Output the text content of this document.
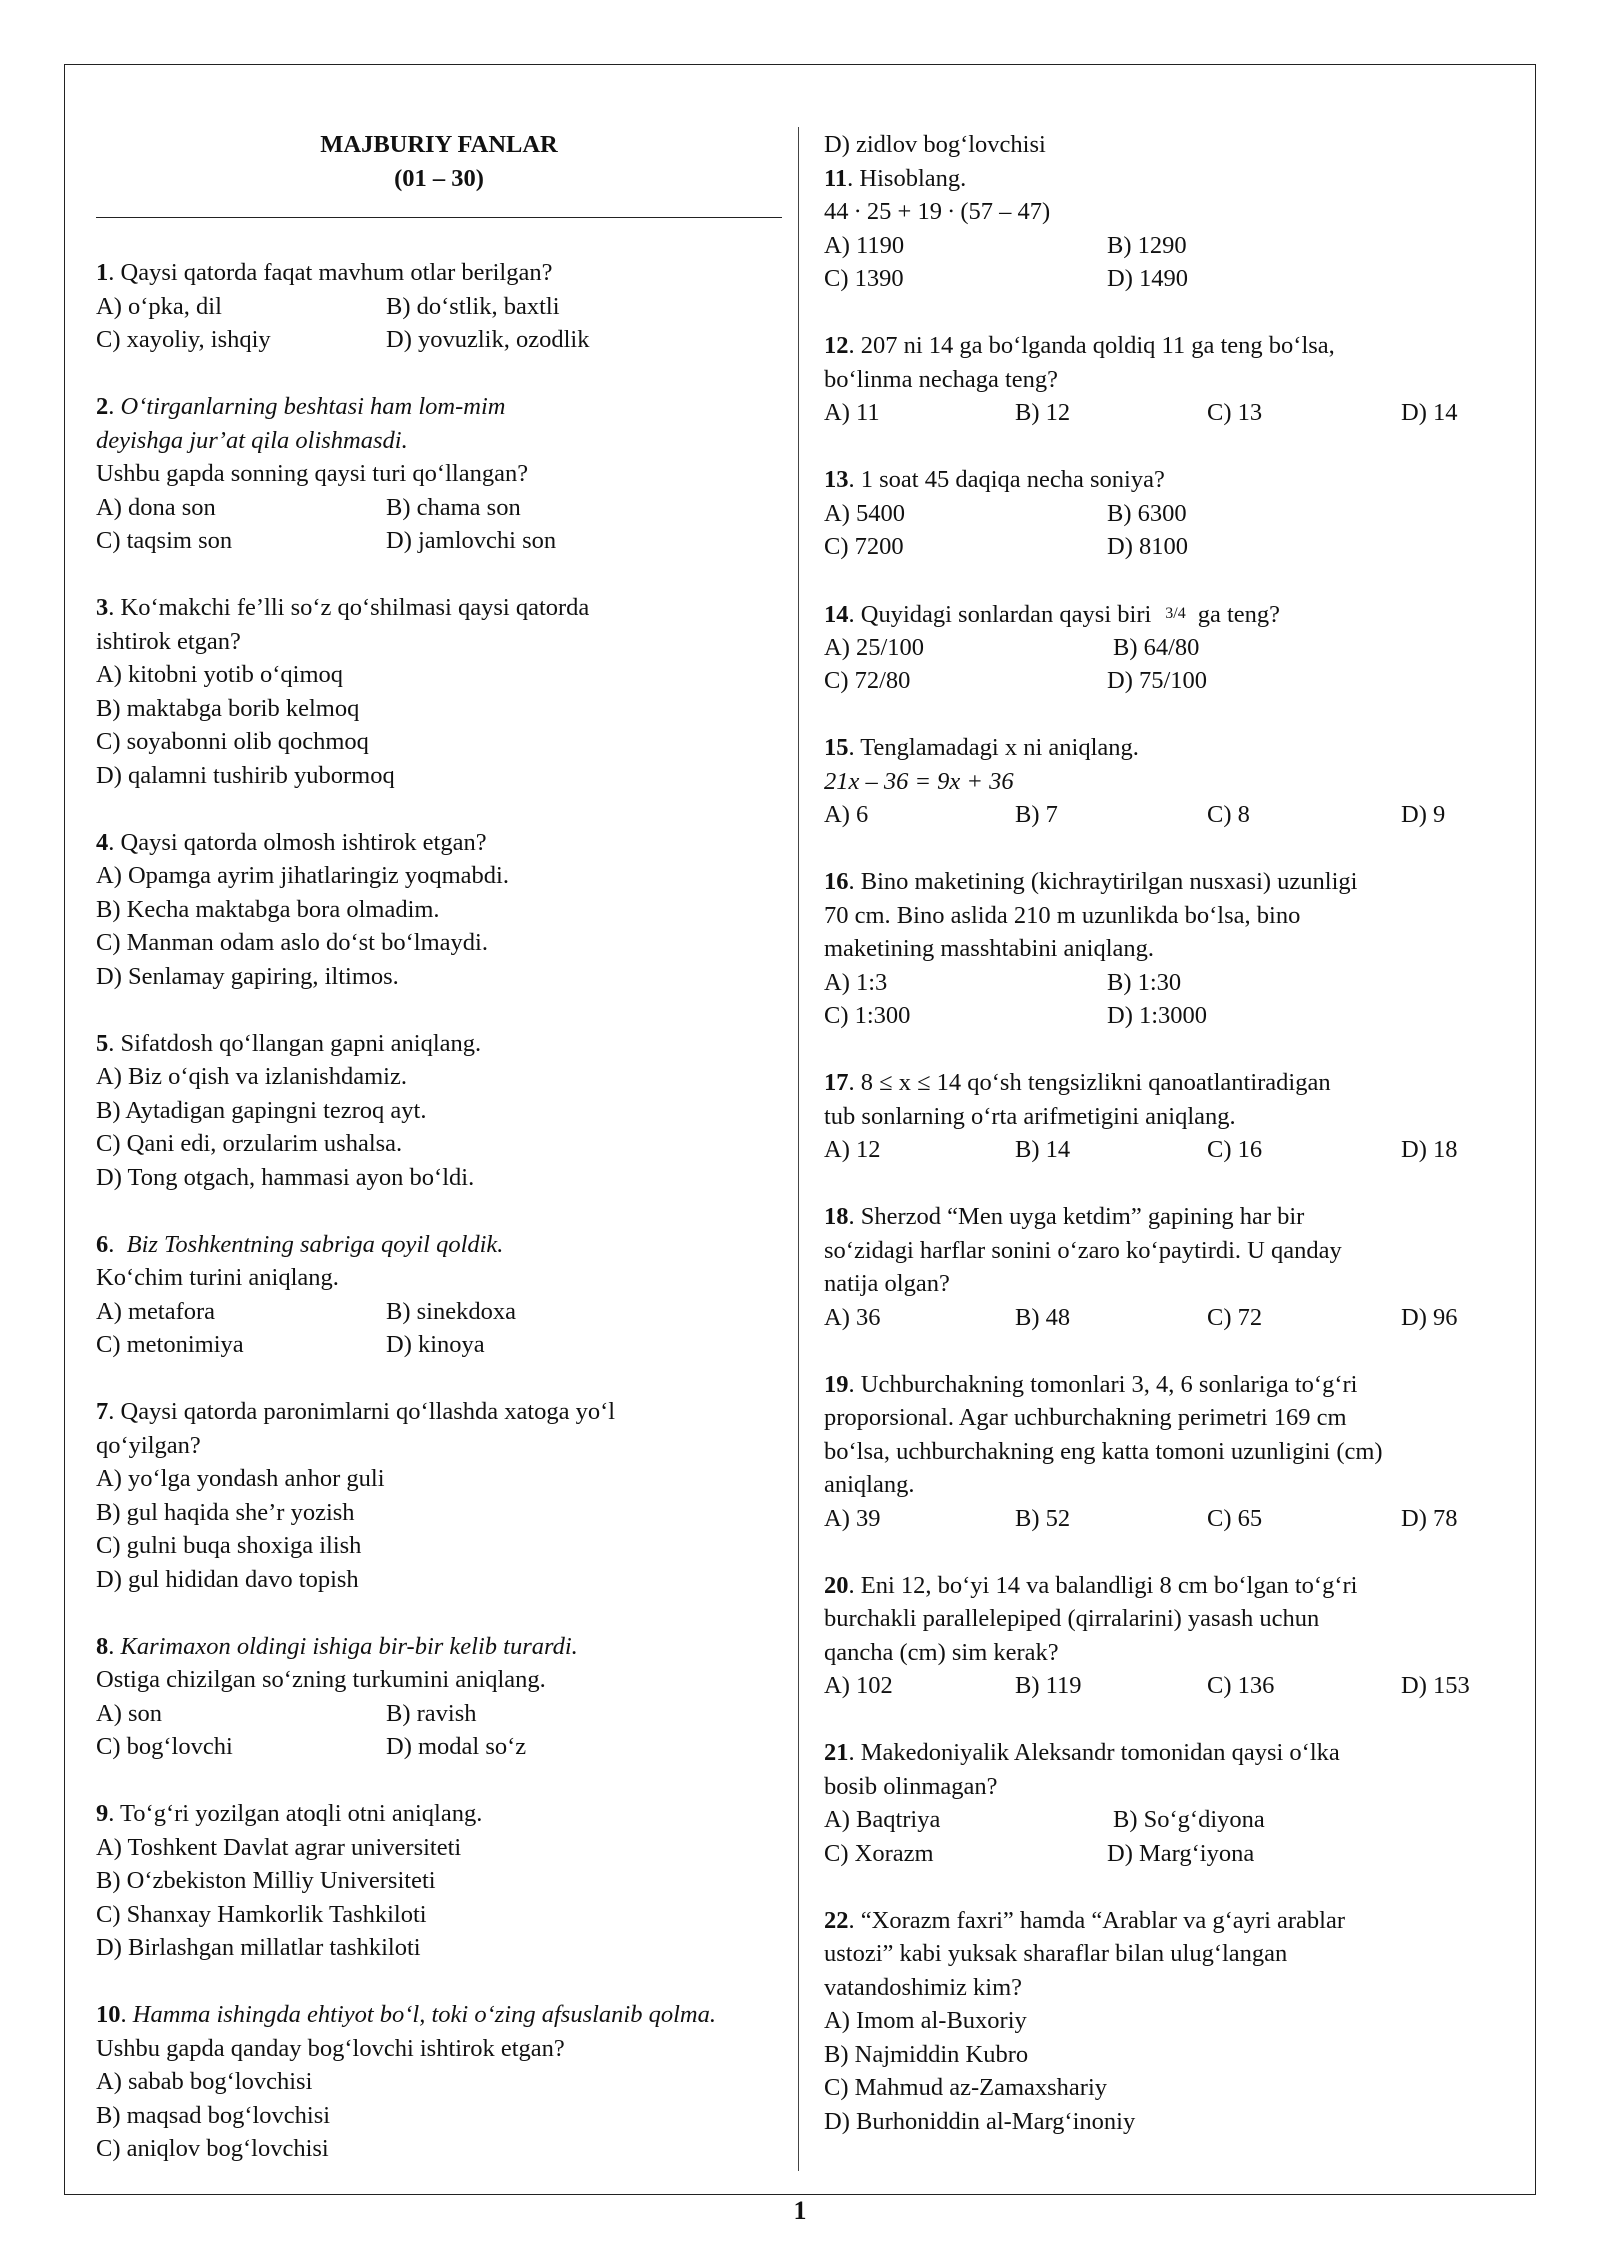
MAJBURIY FANLAR
(01 – 30)
1. Qaysi qatorda faqat mavhum otlar berilgan?
A) oʻpka, dil	B) doʻstlik, baxtli
C) xayoliy, ishqiy	D) yovuzlik, ozodlik
2. Oʻtirganlarning beshtasi ham lom-mim
deyishga jurʼat qila olishmasdi.
Ushbu gapda sonning qaysi turi qoʻllangan?
A) dona son	B) chama son
C) taqsim son	D) jamlovchi son
3. Koʻmakchi feʼlli soʻz qoʻshilmasi qaysi qatorda
ishtirok etgan?
A) kitobni yotib oʻqimoq
B) maktabga borib kelmoq
C) soyabonni olib qochmoq
D) qalamni tushirib yubormoq
4. Qaysi qatorda olmosh ishtirok etgan?
A) Opamga ayrim jihatlaringiz yoqmabdi.
B) Kecha maktabga bora olmadim.
C) Manman odam aslo doʻst boʻlmaydi.
D) Senlamay gapiring, iltimos.
5. Sifatdosh qoʻllangan gapni aniqlang.
A) Biz oʻqish va izlanishdamiz.
B) Aytadigan gapingni tezroq ayt.
C) Qani edi, orzularim ushalsa.
D) Tong otgach, hammasi ayon boʻldi.
6.  Biz Toshkentning sabriga qoyil qoldik.
Koʻchim turini aniqlang.
A) metafora	B) sinekdoxa
C) metonimiya	D) kinoya
7. Qaysi qatorda paronimlarni qoʻllashda xatoga yoʻl
qoʻyilgan?
A) yoʻlga yondash anhor guli
B) gul haqida sheʼr yozish
C) gulni buqa shoxiga ilish
D) gul hididan davo topish
8. Karimaxon oldingi ishiga bir-bir kelib turardi.
Ostiga chizilgan soʻzning turkumini aniqlang.
A) son	B) ravish
C) bogʻlovchi	D) modal soʻz
9. Toʻgʻri yozilgan atoqli otni aniqlang.
A) Toshkent Davlat agrar universiteti
B) Oʻzbekiston Milliy Universiteti
C) Shanxay Hamkorlik Tashkiloti
D) Birlashgan millatlar tashkiloti
10. Hamma ishingda ehtiyot boʻl, toki oʻzing afsuslanib qolma.
Ushbu gapda qanday bogʻlovchi ishtirok etgan?
A) sabab bogʻlovchisi
B) maqsad bogʻlovchisi
C) aniqlov bogʻlovchisi
D) zidlov bogʻlovchisi
11. Hisoblang.
44 ∙ 25 + 19 ∙ (57 – 47)
A) 1190	B) 1290
C) 1390	D) 1490
12. 207 ni 14 ga boʻlganda qoldiq 11 ga teng boʻlsa,
boʻlinma nechaga teng?
A) 11	B) 12	C) 13	D) 14
13. 1 soat 45 daqiqa necha soniya?
A) 5400	B) 6300
C) 7200	D) 8100
14. Quyidagi sonlardan qaysi biri 3/4 ga teng?
A) 25/100	B) 64/80
C) 72/80	D) 75/100
15. Tenglamadagi x ni aniqlang.
21x – 36 = 9x + 36
A) 6	B) 7	C) 8	D) 9
16. Bino maketining (kichraytirilgan nusxasi) uzunligi
70 cm. Bino aslida 210 m uzunlikda boʻlsa, bino
maketining masshtabini aniqlang.
A) 1:3	B) 1:30
C) 1:300	D) 1:3000
17. 8 ≤ x ≤ 14 qoʻsh tengsizlikni qanoatlantiradigan
tub sonlarning oʻrta arifmetigini aniqlang.
A) 12	B) 14	C) 16	D) 18
18. Sherzod “Men uyga ketdim” gapining har bir
soʻzidagi harflar sonini oʻzaro koʻpaytirdi. U qanday
natija olgan?
A) 36	B) 48	C) 72	D) 96
19. Uchburchakning tomonlari 3, 4, 6 sonlariga toʻgʻri
proporsional. Agar uchburchakning perimetri 169 cm
boʻlsa, uchburchakning eng katta tomoni uzunligini (cm)
aniqlang.
A) 39	B) 52	C) 65	D) 78
20. Eni 12, boʻyi 14 va balandligi 8 cm boʻlgan toʻgʻri
burchakli parallelepiped (qirralarini) yasash uchun
qancha (cm) sim kerak?
A) 102	B) 119	C) 136	D) 153
21. Makedoniyalik Aleksandr tomonidan qaysi oʻlka
bosib olinmagan?
A) Baqtriya	B) Soʻgʻdiyona
C) Xorazm	D) Margʻiyona
22. “Xorazm faxri” hamda “Arablar va gʻayri arablar
ustozi” kabi yuksak sharaflar bilan ulugʻlangan
vatandoshimiz kim?
A) Imom al-Buxoriy
B) Najmiddin Kubro
C) Mahmud az-Zamaxshariy
D) Burhoniddin al-Margʻinoniy
1
